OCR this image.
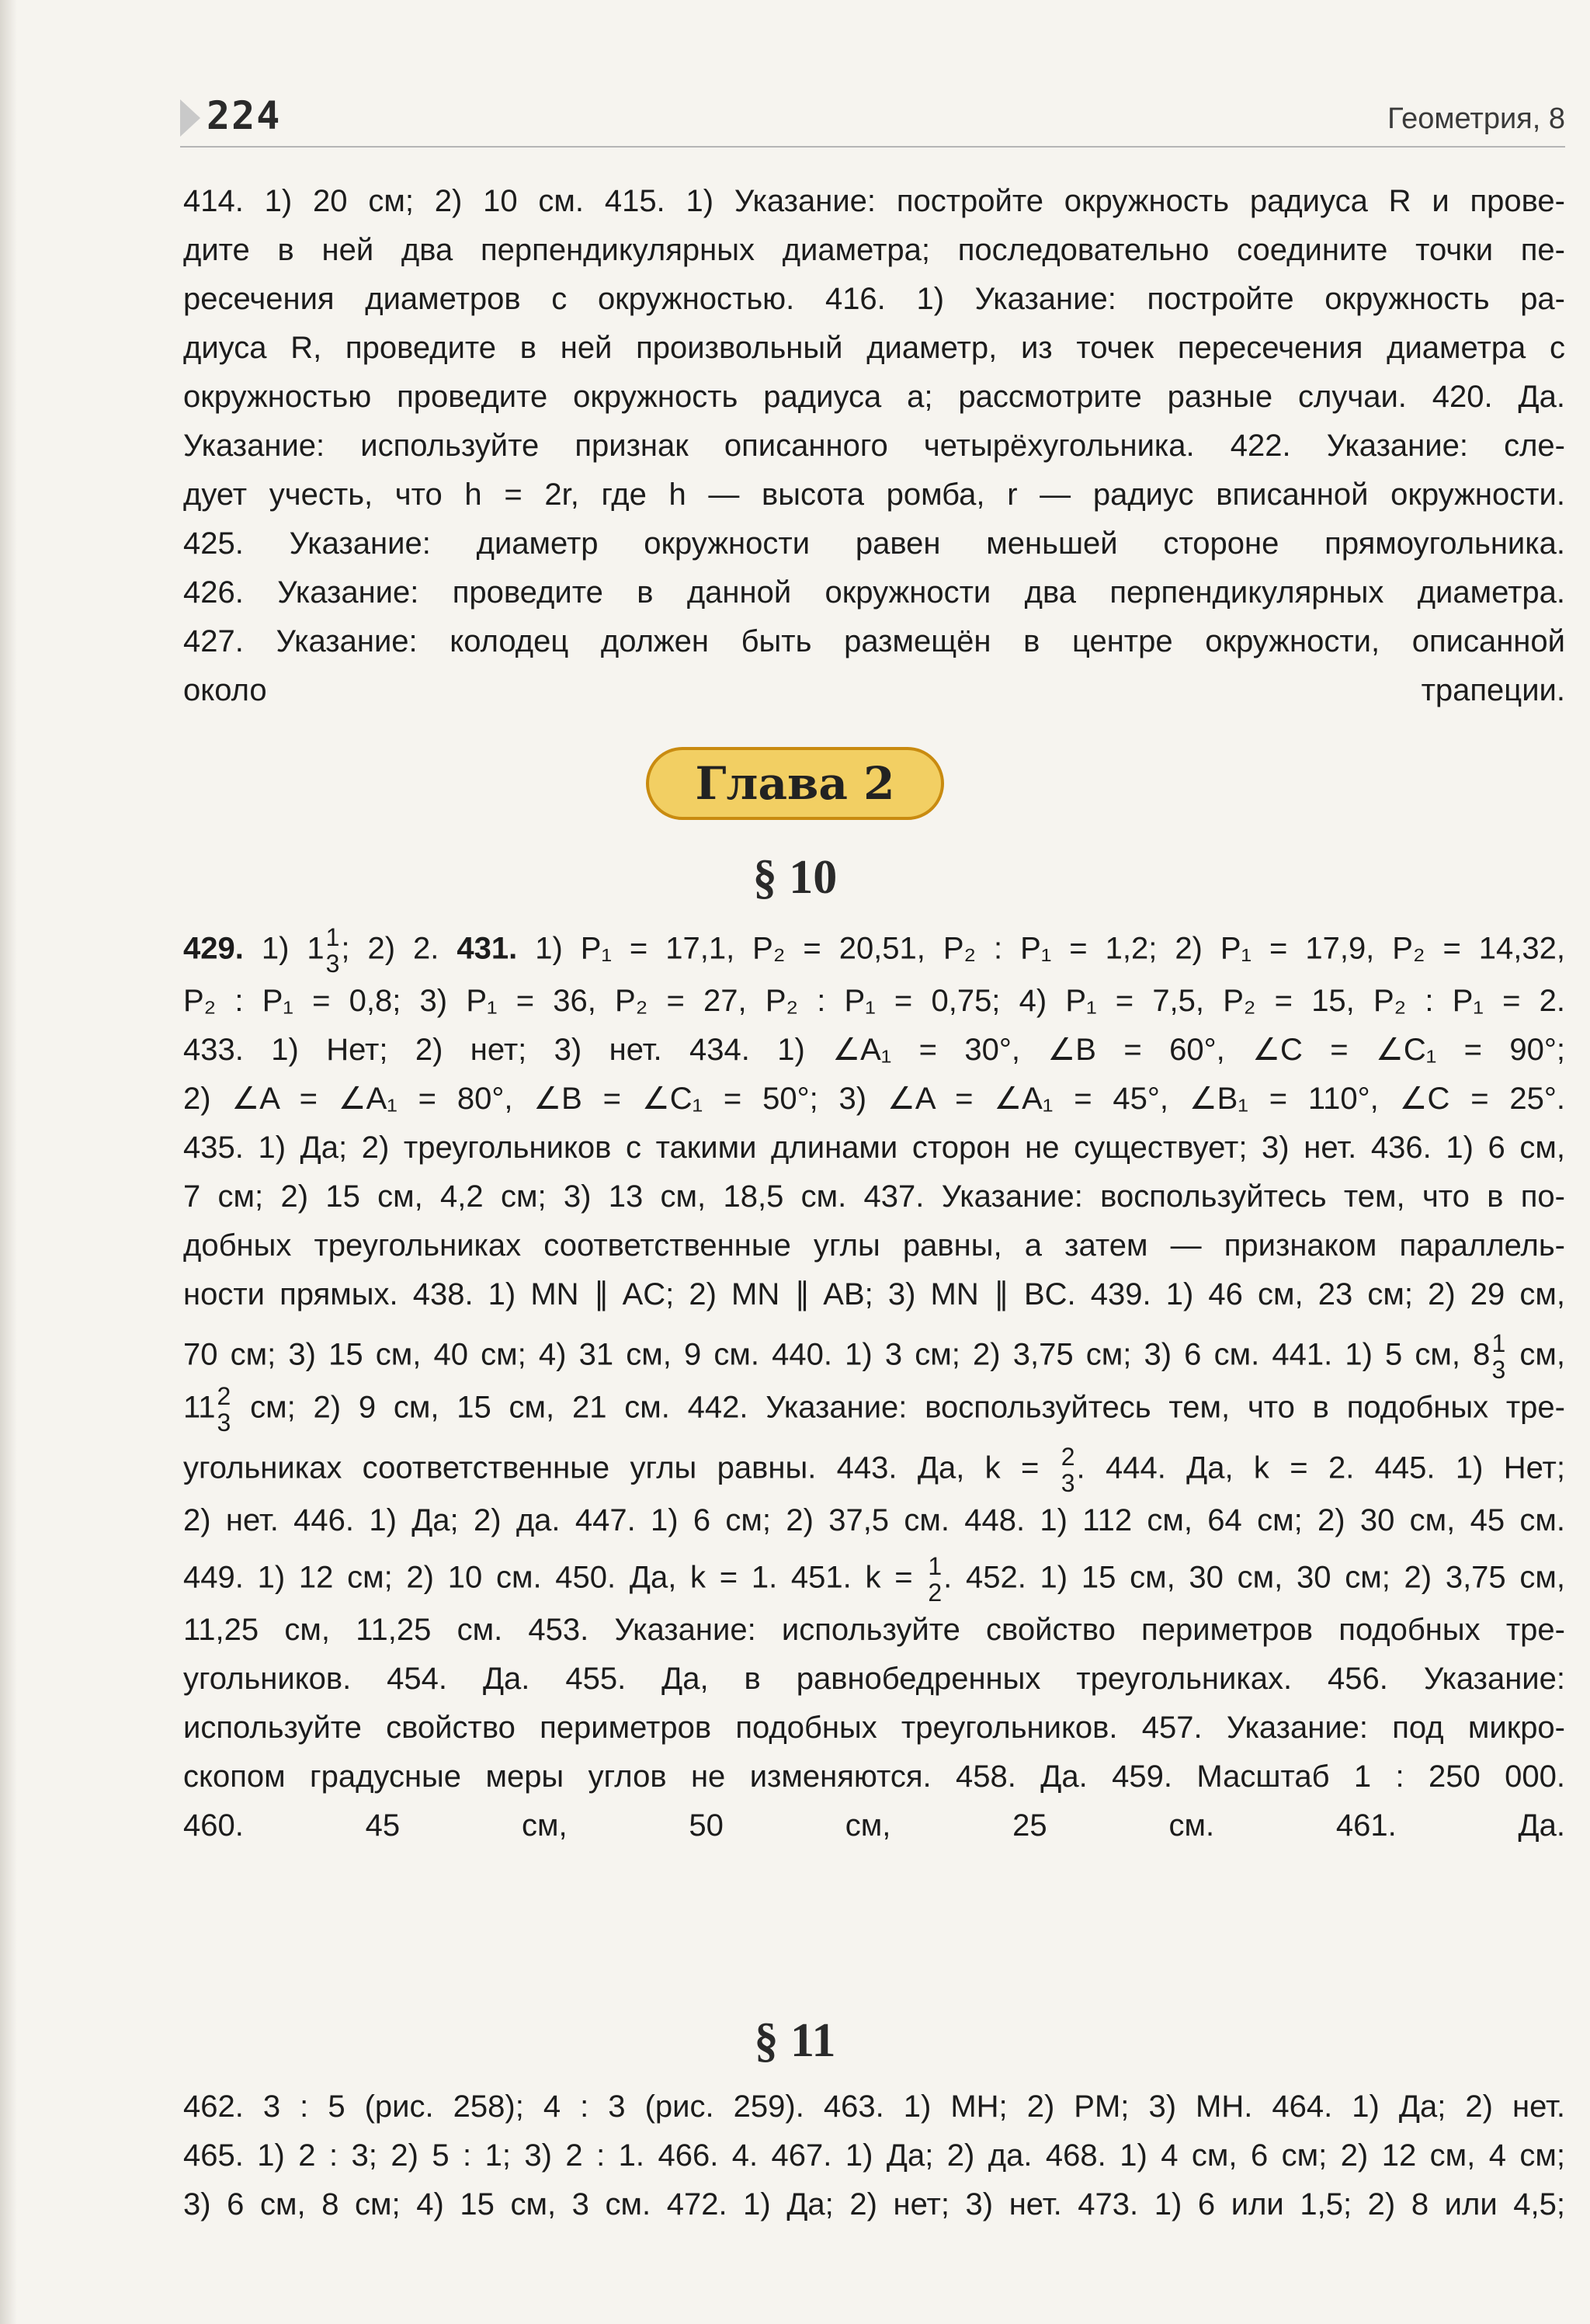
224	Геометрия, 8
414. 1) 20 см; 2) 10 см. 415. 1) Указание: постройте окружность радиуса R и прове-
дите в ней два перпендикулярных диаметра; последовательно соедините точки пе-
ресечения диаметров с окружностью. 416. 1) Указание: постройте окружность ра-
диуса R, проведите в ней произвольный диаметр, из точек пересечения диаметра с
окружностью проведите окружность радиуса a; рассмотрите разные случаи. 420. Да.
Указание: используйте признак описанного четырёхугольника. 422. Указание: сле-
дует учесть, что h = 2r, где h — высота ромба, r — радиус вписанной окружности.
425. Указание: диаметр окружности равен меньшей стороне прямоугольника.
426. Указание: проведите в данной окружности два перпендикулярных диаметра.
427. Указание: колодец должен быть размещён в центре окружности, описанной
около трапеции.
Глава 2
§ 10
429. 1) 1 1
3 ; 2) 2. 431. 1) P₁ = 17,1, P₂ = 20,51, P₂ : P₁ = 1,2; 2) P₁ = 17,9, P₂ = 14,32,
P₂ : P₁ = 0,8; 3) P₁ = 36, P₂ = 27, P₂ : P₁ = 0,75; 4) P₁ = 7,5, P₂ = 15, P₂ : P₁ = 2.
433. 1) Нет; 2) нет; 3) нет. 434. 1) ∠A₁ = 30°, ∠B = 60°, ∠C = ∠C₁ = 90°;
2) ∠A = ∠A₁ = 80°, ∠B = ∠C₁ = 50°; 3) ∠A = ∠A₁ = 45°, ∠B₁ = 110°, ∠C = 25°.
435. 1) Да; 2) треугольников с такими длинами сторон не существует; 3) нет. 436. 1) 6 см,
7 см; 2) 15 см, 4,2 см; 3) 13 см, 18,5 см. 437. Указание: воспользуйтесь тем, что в по-
добных треугольниках соответственные углы равны, а затем — признаком параллель-
ности прямых. 438. 1) MN ∥ AC; 2) MN ∥ AB; 3) MN ∥ BC. 439. 1) 46 см, 23 см; 2) 29 см,
70 см; 3) 15 см, 40 см; 4) 31 см, 9 см. 440. 1) 3 см; 2) 3,75 см; 3) 6 см. 441. 1) 5 см, 8 1
3 см,
11 2
3 см; 2) 9 см, 15 см, 21 см. 442. Указание: воспользуйтесь тем, что в подобных тре-
угольниках соответственные углы равны. 443. Да, k = 2
3 . 444. Да, k = 2. 445. 1) Нет;
2) нет. 446. 1) Да; 2) да. 447. 1) 6 см; 2) 37,5 см. 448. 1) 112 см, 64 см; 2) 30 см, 45 см.
449. 1) 12 см; 2) 10 см. 450. Да, k = 1. 451. k = 1
2 . 452. 1) 15 см, 30 см, 30 см; 2) 3,75 см,
11,25 см, 11,25 см. 453. Указание: используйте свойство периметров подобных тре-
угольников. 454. Да. 455. Да, в равнобедренных треугольниках. 456. Указание:
используйте свойство периметров подобных треугольников. 457. Указание: под микро-
скопом градусные меры углов не изменяются. 458. Да. 459. Масштаб 1 : 250 000.
460. 45 см, 50 см, 25 см. 461. Да.
§ 11
462. 3 : 5 (рис. 258); 4 : 3 (рис. 259). 463. 1) MH; 2) PM; 3) MH. 464. 1) Да; 2) нет.
465. 1) 2 : 3; 2) 5 : 1; 3) 2 : 1. 466. 4. 467. 1) Да; 2) да. 468. 1) 4 см, 6 см; 2) 12 см, 4 см;
3) 6 см, 8 см; 4) 15 см, 3 см. 472. 1) Да; 2) нет; 3) нет. 473. 1) 6 или 1,5; 2) 8 или 4,5;
